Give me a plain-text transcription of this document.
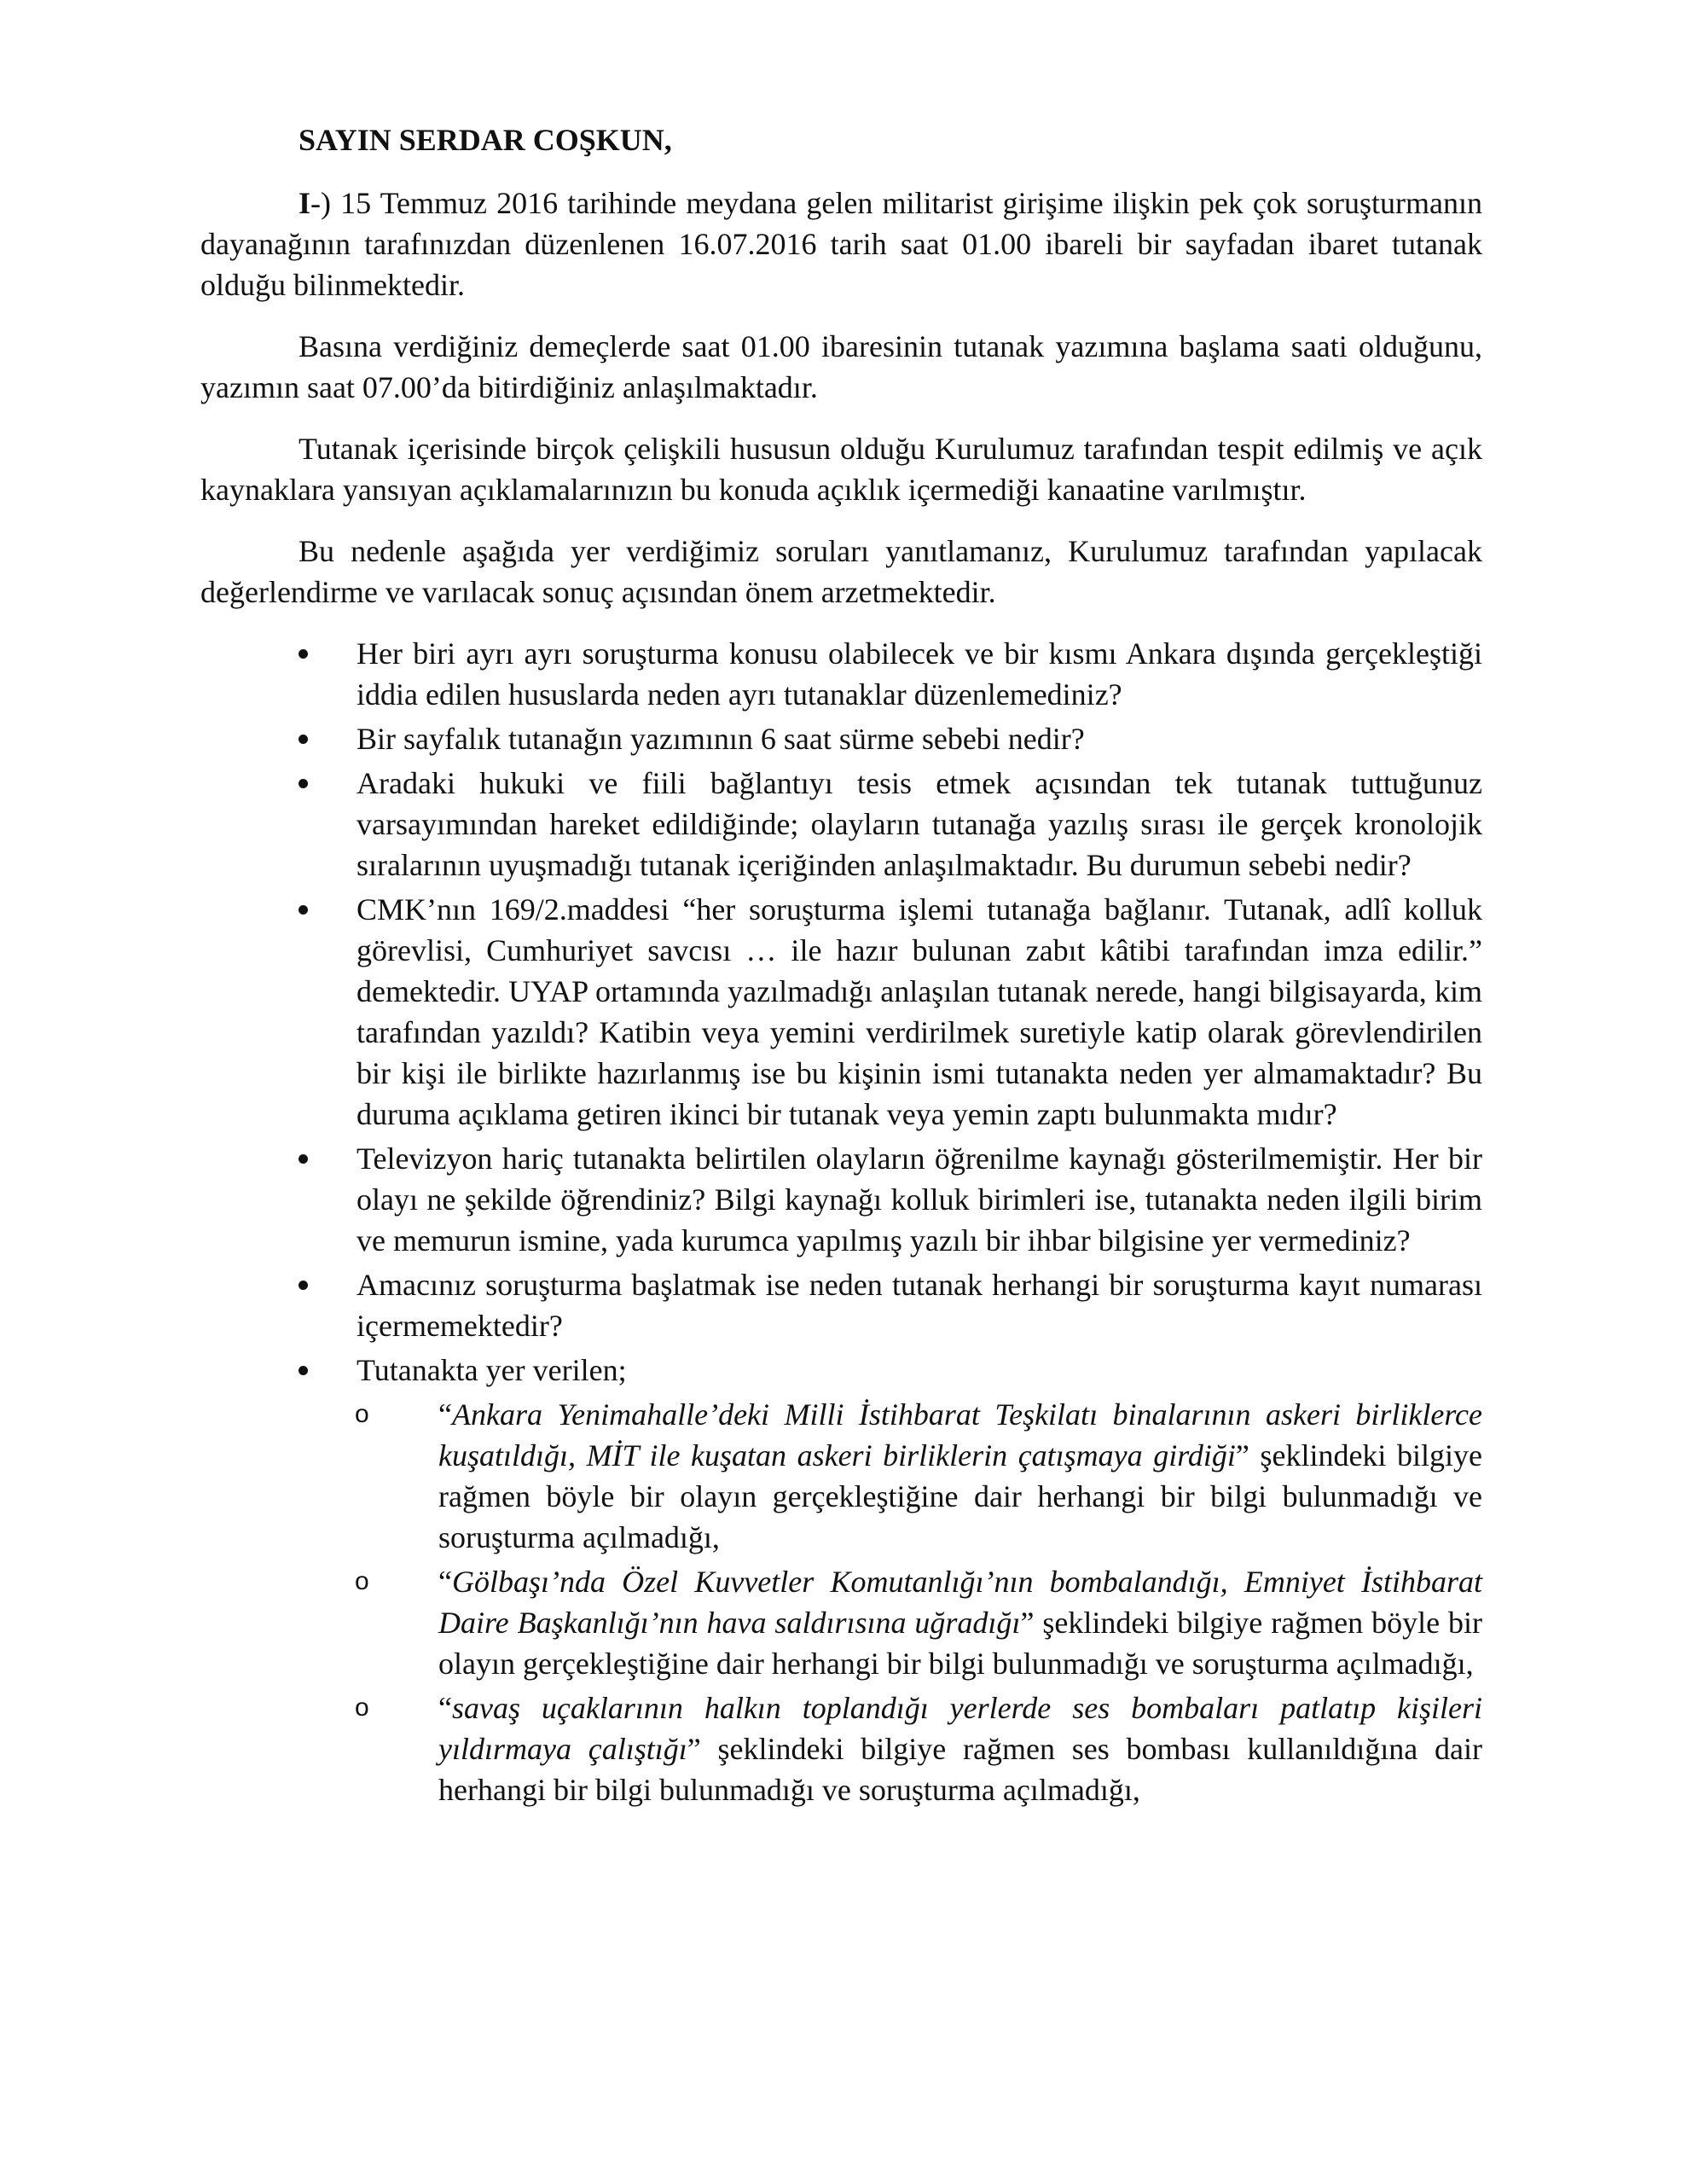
SAYIN SERDAR COŞKUN,

I-) 15 Temmuz 2016 tarihinde meydana gelen militarist girişime ilişkin pek çok soruşturmanın dayanağının tarafınızdan düzenlenen 16.07.2016 tarih saat 01.00 ibareli bir sayfadan ibaret tutanak olduğu bilinmektedir.

Basına verdiğiniz demeçlerde saat 01.00 ibaresinin tutanak yazımına başlama saati olduğunu, yazımın saat 07.00’da bitirdiğiniz anlaşılmaktadır.

Tutanak içerisinde birçok çelişkili hususun olduğu Kurulumuz tarafından tespit edilmiş ve açık kaynaklara yansıyan açıklamalarınızın bu konuda açıklık içermediği kanaatine varılmıştır.

Bu nedenle aşağıda yer verdiğimiz soruları yanıtlamanız, Kurulumuz tarafından yapılacak değerlendirme ve varılacak sonuç açısından önem arzetmektedir.

Her biri ayrı ayrı soruşturma konusu olabilecek ve bir kısmı Ankara dışında gerçekleştiği iddia edilen hususlarda neden ayrı tutanaklar düzenlemediniz?
Bir sayfalık tutanağın yazımının 6 saat sürme sebebi nedir?
Aradaki hukuki ve fiili bağlantıyı tesis etmek açısından tek tutanak tuttuğunuz varsayımından hareket edildiğinde; olayların tutanağa yazılış sırası ile gerçek kronolojik sıralarının uyuşmadığı tutanak içeriğinden anlaşılmaktadır. Bu durumun sebebi nedir?
CMK’nın 169/2.maddesi “her soruşturma işlemi tutanağa bağlanır. Tutanak, adlî kolluk görevlisi, Cumhuriyet savcısı … ile hazır bulunan zabıt kâtibi tarafından imza edilir.” demektedir. UYAP ortamında yazılmadığı anlaşılan tutanak nerede, hangi bilgisayarda, kim tarafından yazıldı? Katibin veya yemini verdirilmek suretiyle katip olarak görevlendirilen bir kişi ile birlikte hazırlanmış ise bu kişinin ismi tutanakta neden yer almamaktadır? Bu duruma açıklama getiren ikinci bir tutanak veya yemin zaptı bulunmakta mıdır?
Televizyon hariç tutanakta belirtilen olayların öğrenilme kaynağı gösterilmemiştir. Her bir olayı ne şekilde öğrendiniz? Bilgi kaynağı kolluk birimleri ise, tutanakta neden ilgili birim ve memurun ismine, yada kurumca yapılmış yazılı bir ihbar bilgisine yer vermediniz?
Amacınız soruşturma başlatmak ise neden tutanak herhangi bir soruşturma kayıt numarası içermemektedir?
Tutanakta yer verilen;
o	“Ankara Yenimahalle’deki Milli İstihbarat Teşkilatı binalarının askeri birliklerce kuşatıldığı, MİT ile kuşatan askeri birliklerin çatışmaya girdiği” şeklindeki bilgiye rağmen böyle bir olayın gerçekleştiğine dair herhangi bir bilgi bulunmadığı ve soruşturma açılmadığı,
o	“Gölbaşı’nda Özel Kuvvetler Komutanlığı’nın bombalandığı, Emniyet İstihbarat Daire Başkanlığı’nın hava saldırısına uğradığı” şeklindeki bilgiye rağmen böyle bir olayın gerçekleştiğine dair herhangi bir bilgi bulunmadığı ve soruşturma açılmadığı,
o	“savaş uçaklarının halkın toplandığı yerlerde ses bombaları patlatıp kişileri yıldırmaya çalıştığı” şeklindeki bilgiye rağmen ses bombası kullanıldığına dair herhangi bir bilgi bulunmadığı ve soruşturma açılmadığı,
